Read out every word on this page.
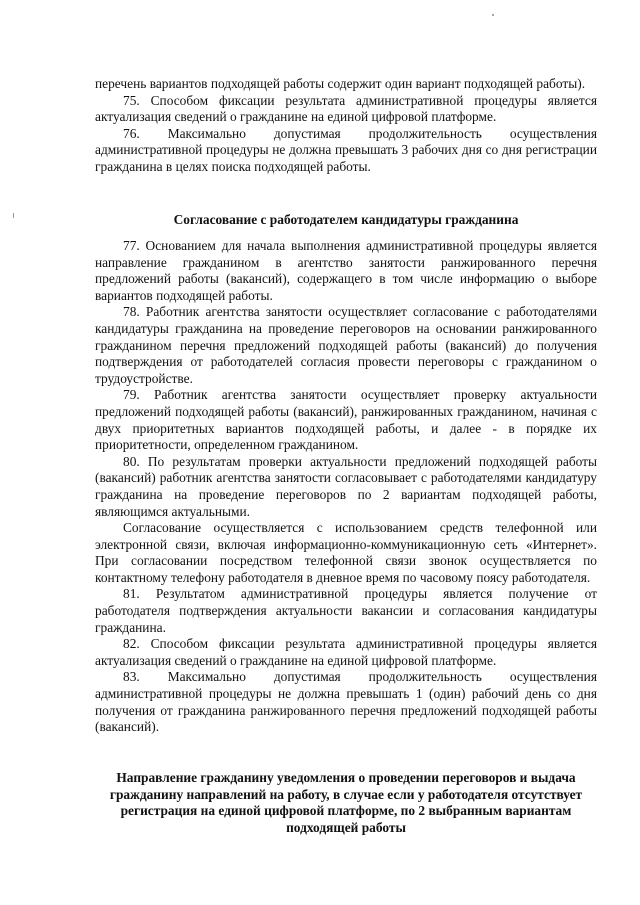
перечень вариантов подходящей работы содержит один вариант подходящей работы).

75. Способом фиксации результата административной процедуры является актуализация сведений о гражданине на единой цифровой платформе.

76. Максимально допустимая продолжительность осуществления административной процедуры не должна превышать 3 рабочих дня со дня регистрации гражданина в целях поиска подходящей работы.

Согласование с работодателем кандидатуры гражданина

77. Основанием для начала выполнения административной процедуры является направление гражданином в агентство занятости ранжированного перечня предложений работы (вакансий), содержащего в том числе информацию о выборе вариантов подходящей работы.

78. Работник агентства занятости осуществляет согласование с работодателями кандидатуры гражданина на проведение переговоров на основании ранжированного гражданином перечня предложений подходящей работы (вакансий) до получения подтверждения от работодателей согласия провести переговоры с гражданином о трудоустройстве.

79. Работник агентства занятости осуществляет проверку актуальности предложений подходящей работы (вакансий), ранжированных гражданином, начиная с двух приоритетных вариантов подходящей работы, и далее - в порядке их приоритетности, определенном гражданином.

80. По результатам проверки актуальности предложений подходящей работы (вакансий) работник агентства занятости согласовывает с работодателями кандидатуру гражданина на проведение переговоров по 2 вариантам подходящей работы, являющимся актуальными.

Согласование осуществляется с использованием средств телефонной или электронной связи, включая информационно-коммуникационную сеть «Интернет». При согласовании посредством телефонной связи звонок осуществляется по контактному телефону работодателя в дневное время по часовому поясу работодателя.

81. Результатом административной процедуры является получение от работодателя подтверждения актуальности вакансии и согласования кандидатуры гражданина.

82. Способом фиксации результата административной процедуры является актуализация сведений о гражданине на единой цифровой платформе.

83. Максимально допустимая продолжительность осуществления административной процедуры не должна превышать 1 (один) рабочий день со дня получения от гражданина ранжированного перечня предложений подходящей работы (вакансий).

Направление гражданину уведомления о проведении переговоров и выдача гражданину направлений на работу, в случае если у работодателя отсутствует регистрация на единой цифровой платформе, по 2 выбранным вариантам подходящей работы
